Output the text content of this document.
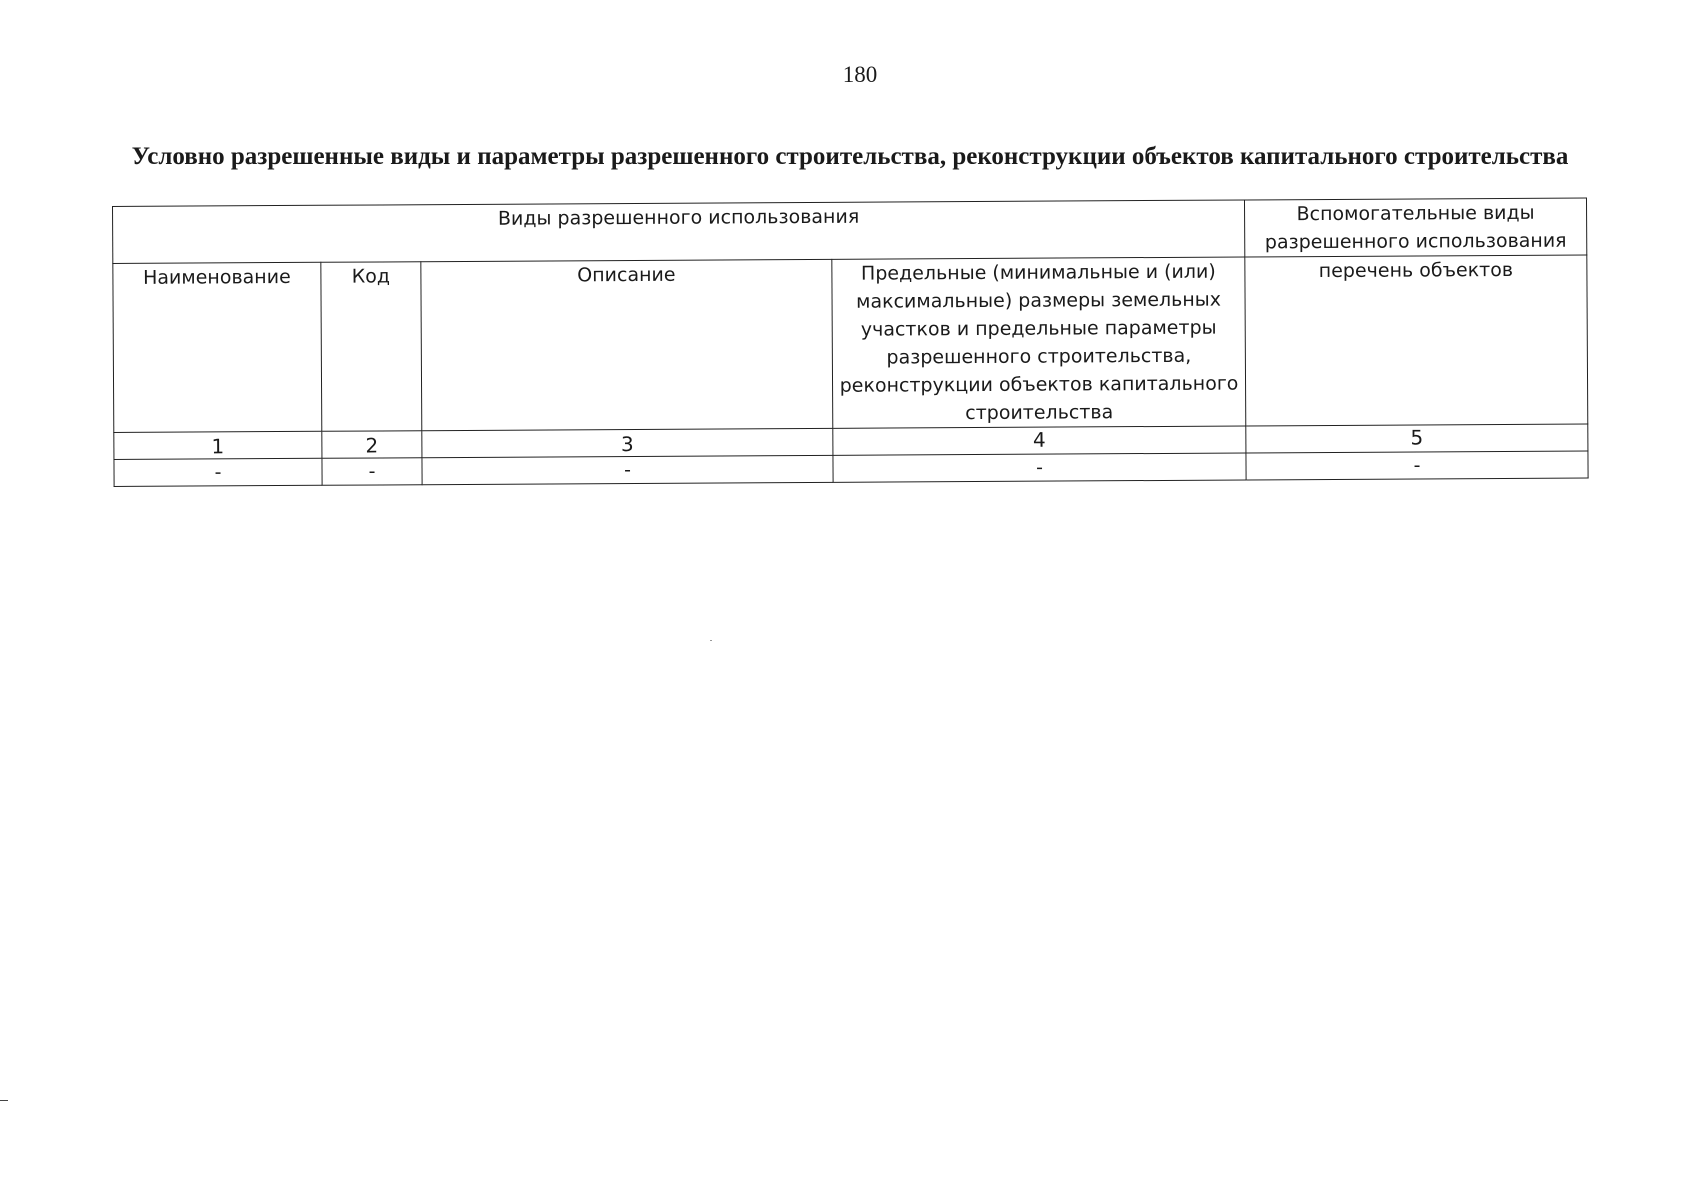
180
Условно разрешенные виды и параметры разрешенного строительства, реконструкции объектов капитального строительства
Виды разрешенного использования				Вспомогательные виды разрешенного использования
Наименование	Код	Описание	Предельные (минимальные и (или) максимальные) размеры земельных участков и предельные параметры разрешенного строительства, реконструкции объектов капитального строительства	перечень объектов
1	2	3	4	5
-	-	-	-	-
